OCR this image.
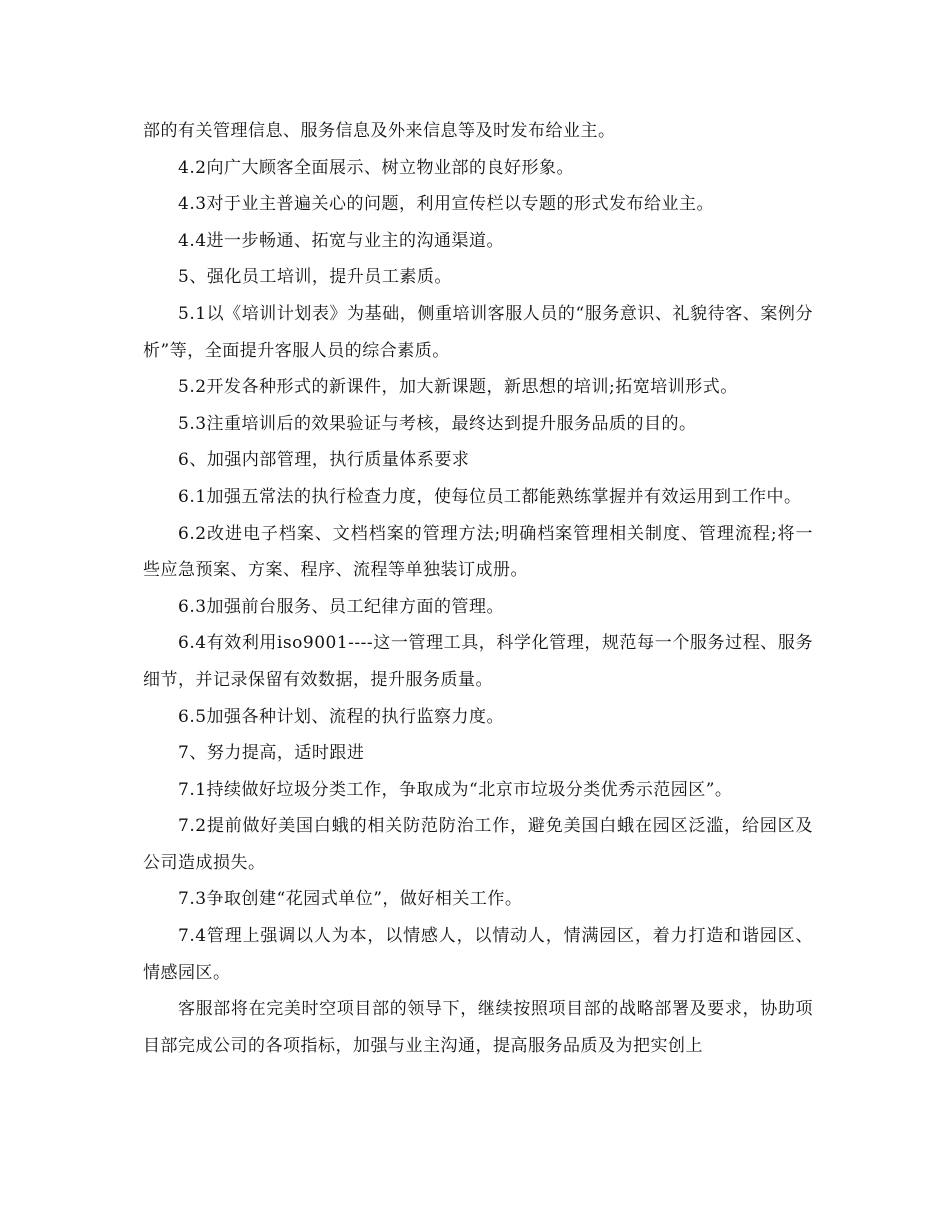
部的有关管理信息、服务信息及外来信息等及时发布给业主。

4.2向广大顾客全面展示、树立物业部的良好形象。

4.3对于业主普遍关心的问题，利用宣传栏以专题的形式发布给业主。

4.4进一步畅通、拓宽与业主的沟通渠道。

5、强化员工培训，提升员工素质。

5.1以《培训计划表》为基础，侧重培训客服人员的“服务意识、礼貌待客、案例分析”等，全面提升客服人员的综合素质。

5.2开发各种形式的新课件，加大新课题，新思想的培训;拓宽培训形式。

5.3注重培训后的效果验证与考核，最终达到提升服务品质的目的。

6、加强内部管理，执行质量体系要求

6.1加强五常法的执行检查力度，使每位员工都能熟练掌握并有效运用到工作中。

6.2改进电子档案、文档档案的管理方法;明确档案管理相关制度、管理流程;将一些应急预案、方案、程序、流程等单独装订成册。

6.3加强前台服务、员工纪律方面的管理。

6.4有效利用iso9001----这一管理工具，科学化管理，规范每一个服务过程、服务细节，并记录保留有效数据，提升服务质量。

6.5加强各种计划、流程的执行监察力度。

7、努力提高，适时跟进

7.1持续做好垃圾分类工作，争取成为“北京市垃圾分类优秀示范园区”。

7.2提前做好美国白蛾的相关防范防治工作，避免美国白蛾在园区泛滥，给园区及公司造成损失。

7.3争取创建“花园式单位”，做好相关工作。

7.4管理上强调以人为本，以情感人，以情动人，情满园区，着力打造和谐园区、情感园区。

客服部将在完美时空项目部的领导下，继续按照项目部的战略部署及要求，协助项目部完成公司的各项指标，加强与业主沟通，提高服务品质及为把实创上
